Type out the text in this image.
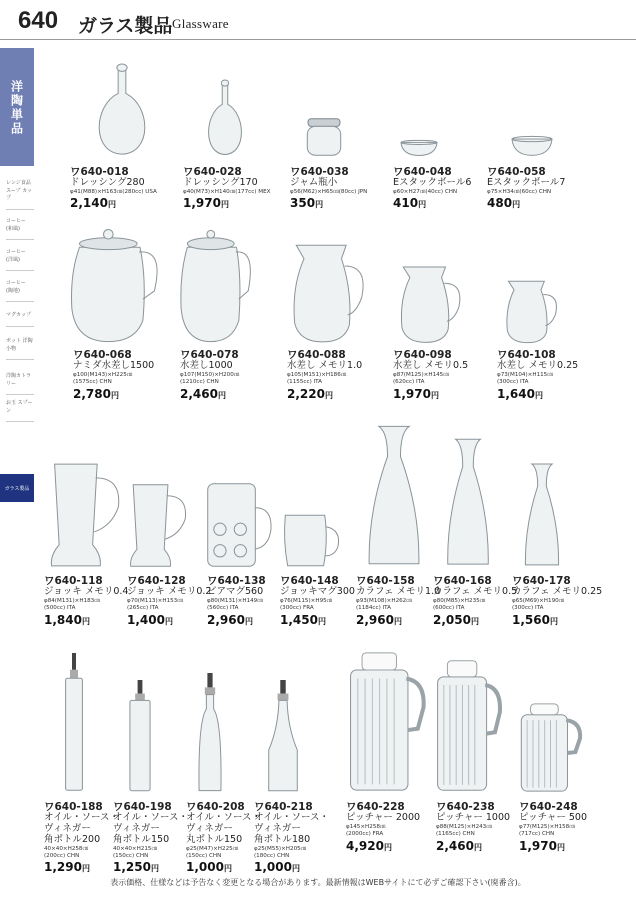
640 ガラス製品 Glassware
洋陶単品
レンジ食品 スープ カップ
コーヒー (和風)
コーヒー (洋風)
コーヒー (陶地)
マグカップ
ポット 洋陶小物
洋陶カトラリー
お玉 スプーン
ガラス製品
ワ640-018
ドレッシング280
φ41(M88)×H163㎝(280cc) USA
2,140円
ワ640-028
ドレッシング170
φ40(M73)×H140㎝(177cc) MEX
1,970円
ワ640-038
ジャム瓶小
φ56(M62)×H65㎝(80cc) JPN
350円
ワ640-048
Eスタックボール6
φ60×H27㎝(40cc) CHN
410円
ワ640-058
Eスタックボール7
φ75×H34㎝(60cc) CHN
480円
ワ640-068
ナミダ水差し1500
φ100(M143)×H225㎝
(1575cc) CHN
2,780円
ワ640-078
水差し1000
φ107(M150)×H200㎝
(1210cc) CHN
2,460円
ワ640-088
水差し メモリ1.0
φ105(M151)×H186㎝
(1155cc) ITA
2,220円
ワ640-098
水差し メモリ0.5
φ87(M125)×H145㎝
(620cc) ITA
1,970円
ワ640-108
水差し メモリ0.25
φ73(M104)×H115㎝
(300cc) ITA
1,640円
ワ640-118
ジョッキ メモリ0.4
φ84(M131)×H183㎝
(500cc) ITA
1,840円
ワ640-128
ジョッキ メモリ0.2
φ70(M113)×H153㎝
(265cc) ITA
1,400円
ワ640-138
ビアマグ560
φ80(M131)×H149㎝
(560cc) ITA
2,960円
ワ640-148
ジョッキマグ300
φ76(M115)×H95㎝
(300cc) FRA
1,450円
ワ640-158
カラフェ メモリ1.0
φ93(M108)×H262㎝
(1184cc) ITA
2,960円
ワ640-168
カラフェ メモリ0.5
φ80(M85)×H235㎝
(600cc) ITA
2,050円
ワ640-178
カラフェ メモリ0.25
φ65(M69)×H190㎝
(300cc) ITA
1,560円
ワ640-188
オイル・ソース・
ヴィネガー
角ボトル200
40×40×H258㎝
(200cc) CHN
1,290円
ワ640-198
オイル・ソース・
ヴィネガー
角ボトル150
40×40×H215㎝
(150cc) CHN
1,250円
ワ640-208
オイル・ソース・
ヴィネガー
丸ボトル150
φ25(M47)×H225㎝
(150cc) CHN
1,000円
ワ640-218
オイル・ソース・
ヴィネガー
角ボトル180
φ25(M55)×H205㎝
(180cc) CHN
1,000円
ワ640-228
ピッチャー 2000
φ145×H258㎝
(2000cc) FRA
4,920円
ワ640-238
ピッチャー 1000
φ88(M125)×H243㎝
(1165cc) CHN
2,460円
ワ640-248
ピッチャー 500
φ77(M125)×H158㎝
(717cc) CHN
1,970円
表示価格、仕様などは予告なく変更となる場合があります。最新情報はWEBサイトにて必ずご確認下さい(廃番含)。
